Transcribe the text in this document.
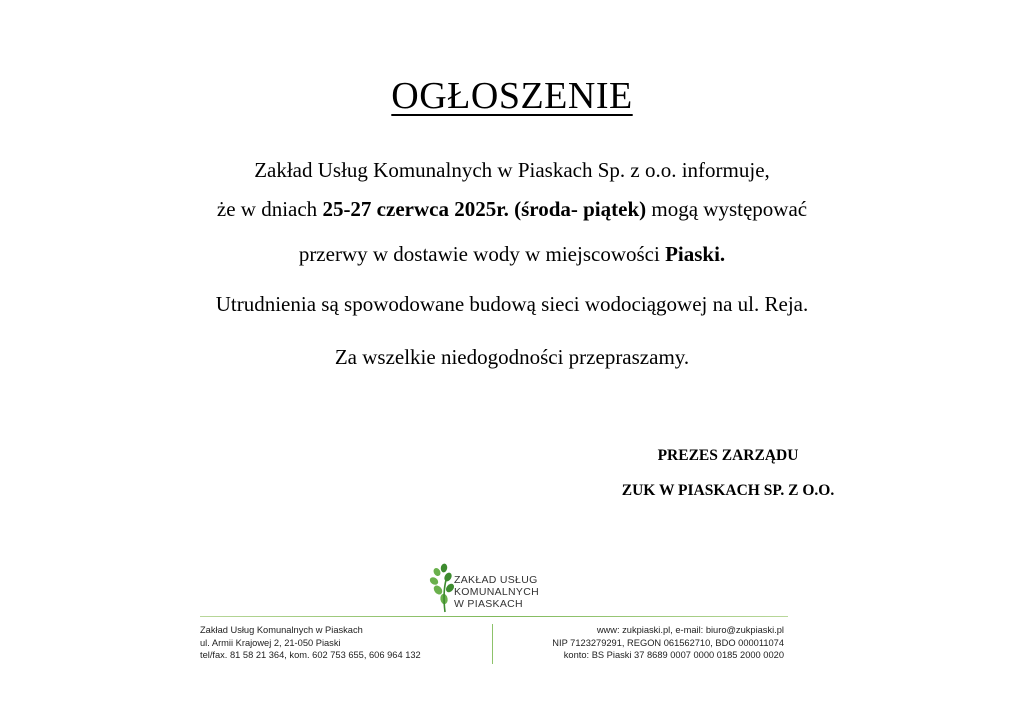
OGŁOSZENIE
Zakład Usług Komunalnych w Piaskach Sp. z o.o. informuje,
że w dniach 25-27 czerwca 2025r. (środa- piątek) mogą występować
przerwy w dostawie wody w miejscowości Piaski.
Utrudnienia są spowodowane budową sieci wodociągowej na ul. Reja.
Za wszelkie niedogodności przepraszamy.
PREZES ZARZĄDU
ZUK W PIASKACH SP. Z O.O.
ZAKŁAD USŁUG
KOMUNALNYCH
W PIASKACH
Zakład Usług Komunalnych w Piaskach
ul. Armii Krajowej 2, 21-050 Piaski
tel/fax. 81 58 21 364, kom. 602 753 655, 606 964 132
www: zukpiaski.pl, e-mail: biuro@zukpiaski.pl
NIP 7123279291, REGON 061562710, BDO 000011074
konto: BS Piaski 37 8689 0007 0000 0185 2000 0020
